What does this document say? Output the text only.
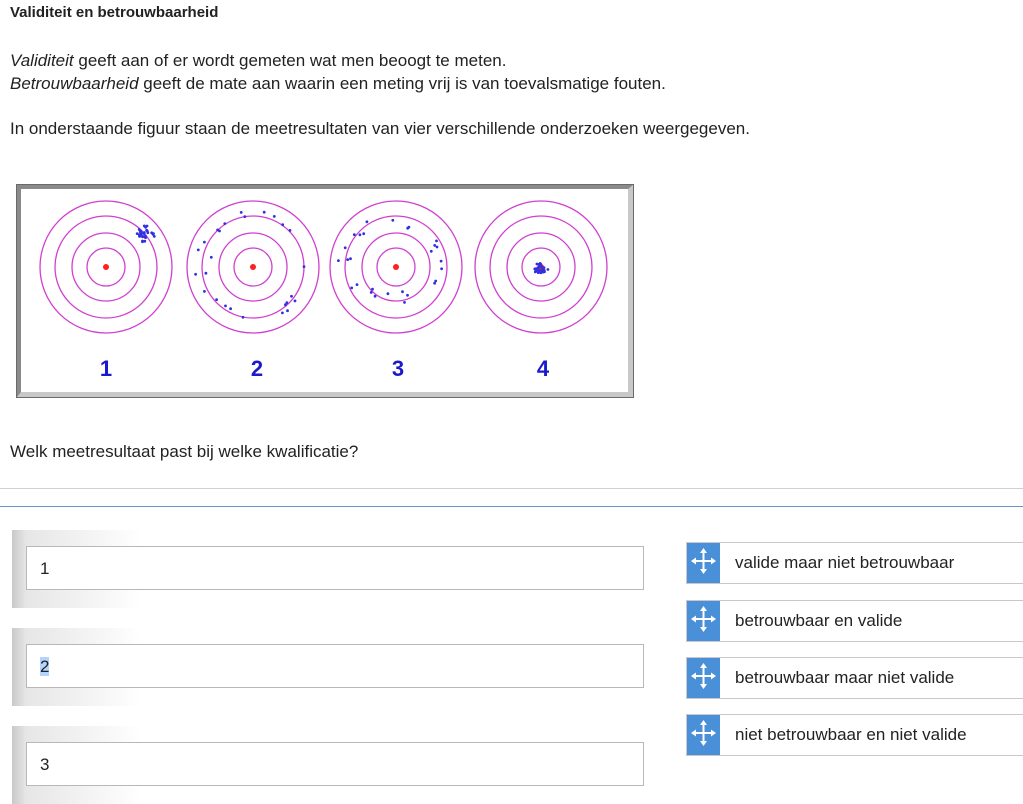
Validiteit en betrouwbaarheid

Validiteit geeft aan of er wordt gemeten wat men beoogt te meten.
Betrouwbaarheid geeft de mate aan waarin een meting vrij is van toevalsmatige fouten.

In onderstaande figuur staan de meetresultaten van vier verschillende onderzoeken weergegeven.

1	2	3	4

Welk meetresultaat past bij welke kwalificatie?

1
2
3
valide maar niet betrouwbaar
betrouwbaar en valide
betrouwbaar maar niet valide
niet betrouwbaar en niet valide
